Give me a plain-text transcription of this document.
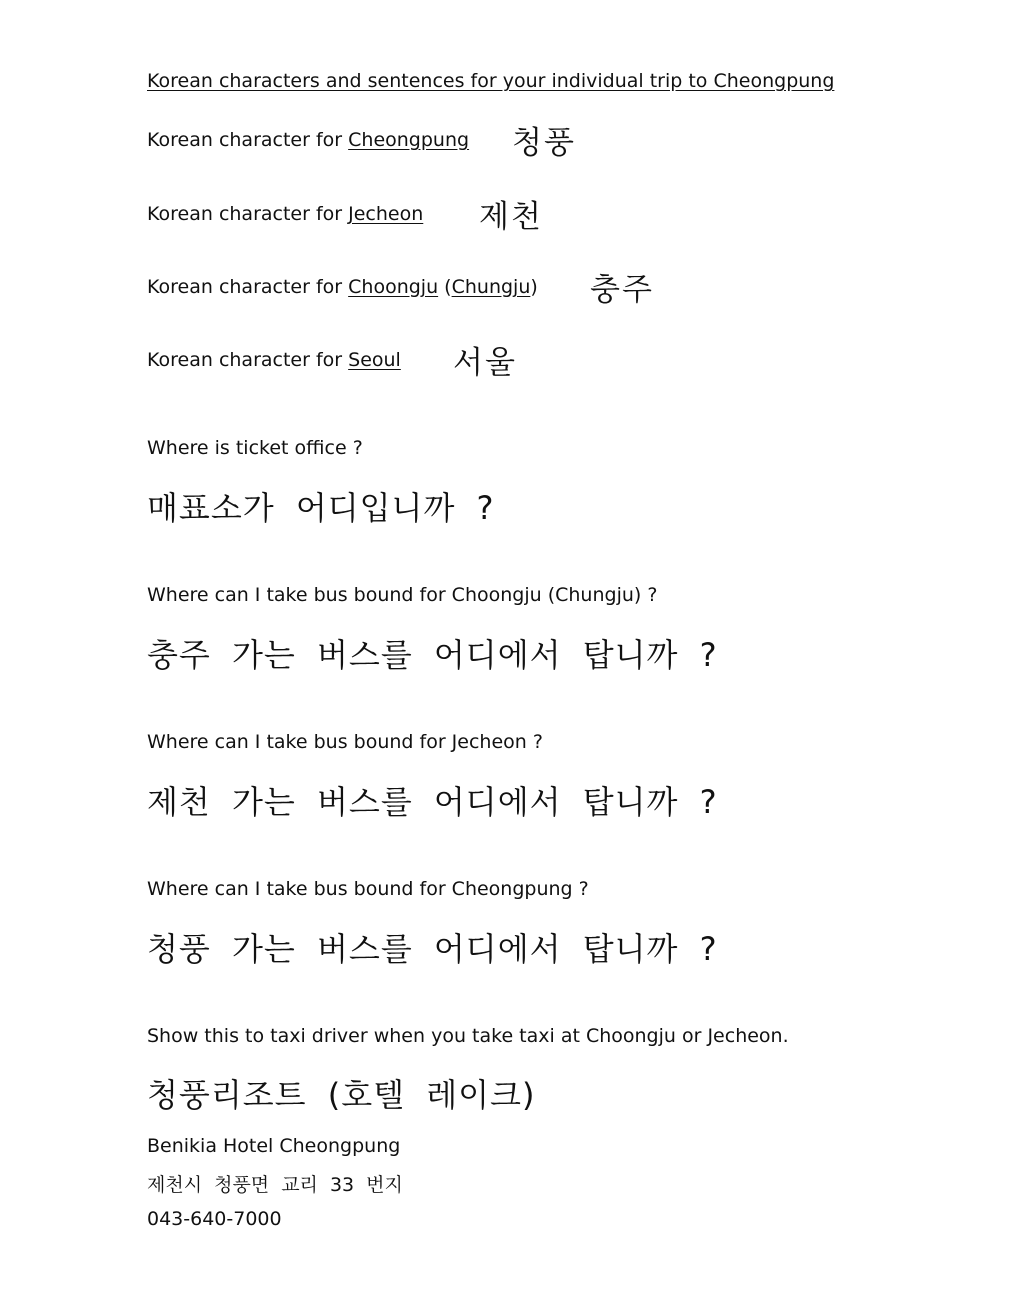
Korean characters and sentences for your individual trip to Cheongpung
Korean character for Cheongpung 청풍
Korean character for Jecheon 제천
Korean character for Choongju (Chungju) 충주
Korean character for Seoul 서울
Where is ticket office ?
매표소가 어디입니까 ?
Where can I take bus bound for Choongju (Chungju) ?
충주 가는 버스를 어디에서 탑니까 ?
Where can I take bus bound for Jecheon ?
제천 가는 버스를 어디에서 탑니까 ?
Where can I take bus bound for Cheongpung ?
청풍 가는 버스를 어디에서 탑니까 ?
Show this to taxi driver when you take taxi at Choongju or Jecheon.
청풍리조트 (호텔 레이크)
Benikia Hotel Cheongpung
제천시 청풍면 교리 33 번지
043-640-7000
